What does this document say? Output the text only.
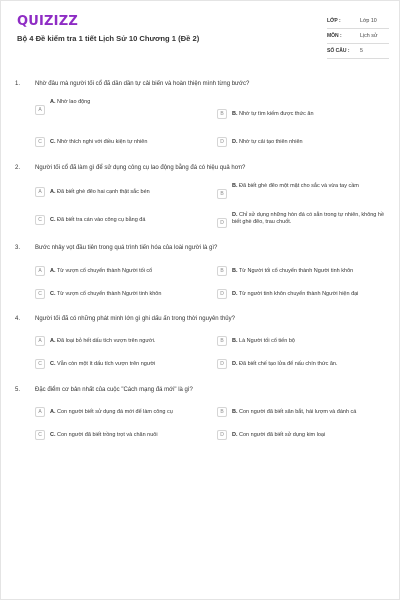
QUIZIZZ
Bộ 4 Đề kiểm tra 1 tiết Lịch Sử 10 Chương 1 (Đề 2)
LỚP :	Lớp 10
MÔN :	Lịch sử
SỐ CÂU :	5
1. Nhờ đâu mà người tối cổ đã dần dần tự cải biến và hoàn thiện mình từng bước?
A
A. Nhờ lao động
B	B. Nhờ tự tìm kiếm được thức ăn
C	C. Nhờ thích nghi với điều kiện tự nhiên	D	D. Nhờ tự cải tạo thiên nhiên
2. Người tối cổ đã làm gì để sử dụng công cụ lao động bằng đá có hiệu quả hơn?
A	A. Đã biết ghè đẽo hai cạnh thật sắc bén	B
B. Đã biết ghè đẽo một mặt cho sắc và vừa tay cầm
C	C. Đã biết tra cán vào công cụ bằng đá	D
D. Chỉ sử dụng những hòn đá có sẵn trong tự nhiên, không hề biết ghè đẽo, trau chuốt.
3. Bước nhảy vọt đầu tiên trong quá trình tiến hóa của loài người là gì?
A	A. Từ vượn cổ chuyển thành Người tối cổ	B	B. Từ Người tối cổ chuyển thành Người tinh khôn
C	C. Từ vượn cổ chuyển thành Người tinh khôn	D	D. Từ người tinh khôn chuyển thành Người hiện đại
4. Người tối đã có những phát minh lớn gì ghi dấu ấn trong thời nguyên thủy?
A	A. Đã loại bỏ hết dấu tích vượn trên người.	B	B. Là Người tối cổ tiến bộ
C	C. Vẫn còn một ít dấu tích vượn trên người	D	D. Đã biết chế tạo lửa để nấu chín thức ăn.
5. Đặc điểm cơ bản nhất của cuộc "Cách mạng đá mới" là gì?
A	A. Con người biết sử dụng đá mới để làm công cụ	B	B. Con người đã biết săn bắt, hái lượm và đánh cá
C	C. Con người đã biết trồng trọt và chăn nuôi	D	D. Con người đã biết sử dụng kim loại
